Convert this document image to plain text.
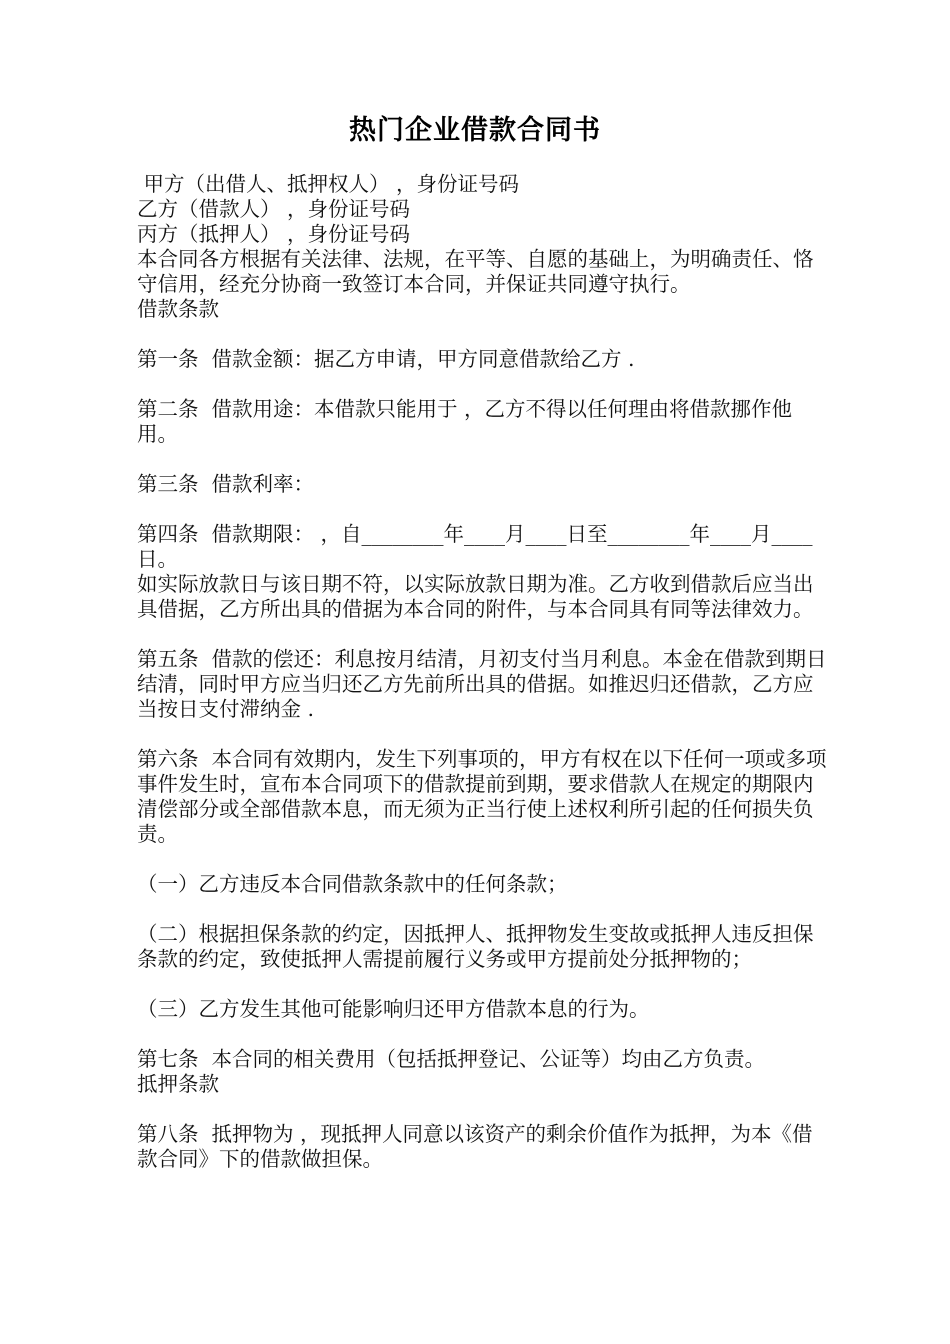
热门企业借款合同书

甲方（出借人、抵押权人） ，身份证号码

乙方（借款人） ，身份证号码

丙方（抵押人） ，身份证号码

本合同各方根据有关法律、法规，在平等、自愿的基础上，为明确责任、恪守信用，经充分协商一致签订本合同，并保证共同遵守执行。

借款条款

第一条  借款金额：据乙方申请，甲方同意借款给乙方 .

第二条  借款用途：本借款只能用于 ，乙方不得以任何理由将借款挪作他用。

第三条  借款利率：

第四条  借款期限： ，自________年____月____日至________年____月____日。

如实际放款日与该日期不符，以实际放款日期为准。乙方收到借款后应当出具借据，乙方所出具的借据为本合同的附件，与本合同具有同等法律效力。

第五条  借款的偿还：利息按月结清，月初支付当月利息。本金在借款到期日结清，同时甲方应当归还乙方先前所出具的借据。如推迟归还借款，乙方应当按日支付滞纳金 .

第六条  本合同有效期内，发生下列事项的，甲方有权在以下任何一项或多项事件发生时，宣布本合同项下的借款提前到期，要求借款人在规定的期限内清偿部分或全部借款本息，而无须为正当行使上述权利所引起的任何损失负责。

（一）乙方违反本合同借款条款中的任何条款；

（二）根据担保条款的约定，因抵押人、抵押物发生变故或抵押人违反担保条款的约定，致使抵押人需提前履行义务或甲方提前处分抵押物的；

（三）乙方发生其他可能影响归还甲方借款本息的行为。

第七条  本合同的相关费用（包括抵押登记、公证等）均由乙方负责。

抵押条款

第八条  抵押物为 ，现抵押人同意以该资产的剩余价值作为抵押，为本《借款合同》下的借款做担保。
